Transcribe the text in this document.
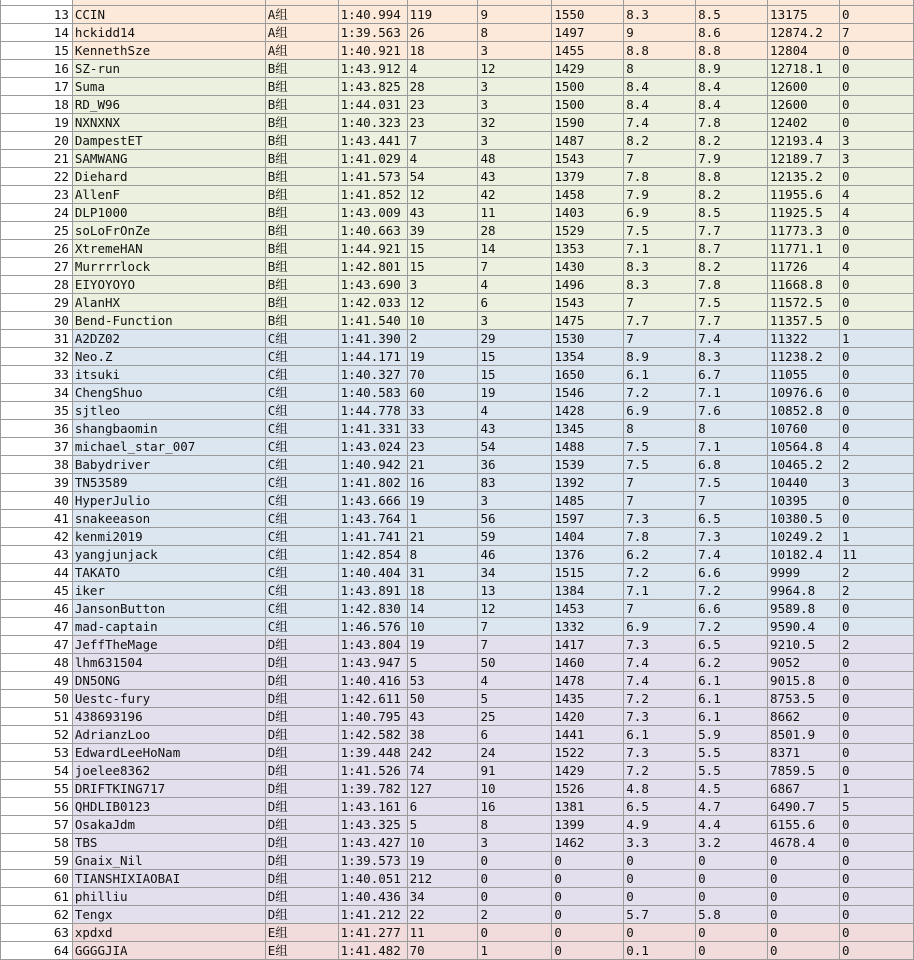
13	CCIN	A组	1:40.994	119	9	1550	8.3	8.5	13175	0
14	hckidd14	A组	1:39.563	26	8	1497	9	8.6	12874.2	7
15	KennethSze	A组	1:40.921	18	3	1455	8.8	8.8	12804	0
16	SZ-run	B组	1:43.912	4	12	1429	8	8.9	12718.1	0
17	Suma	B组	1:43.825	28	3	1500	8.4	8.4	12600	0
18	RD_W96	B组	1:44.031	23	3	1500	8.4	8.4	12600	0
19	NXNXNX	B组	1:40.323	23	32	1590	7.4	7.8	12402	0
20	DampestET	B组	1:43.441	7	3	1487	8.2	8.2	12193.4	3
21	SAMWANG	B组	1:41.029	4	48	1543	7	7.9	12189.7	3
22	Diehard	B组	1:41.573	54	43	1379	7.8	8.8	12135.2	0
23	AllenF	B组	1:41.852	12	42	1458	7.9	8.2	11955.6	4
24	DLP1000	B组	1:43.009	43	11	1403	6.9	8.5	11925.5	4
25	soLoFrOnZe	B组	1:40.663	39	28	1529	7.5	7.7	11773.3	0
26	XtremeHAN	B组	1:44.921	15	14	1353	7.1	8.7	11771.1	0
27	Murrrrlock	B组	1:42.801	15	7	1430	8.3	8.2	11726	4
28	EIYOYOYO	B组	1:43.690	3	4	1496	8.3	7.8	11668.8	0
29	AlanHX	B组	1:42.033	12	6	1543	7	7.5	11572.5	0
30	Bend-Function	B组	1:41.540	10	3	1475	7.7	7.7	11357.5	0
31	A2DZ02	C组	1:41.390	2	29	1530	7	7.4	11322	1
32	Neo.Z	C组	1:44.171	19	15	1354	8.9	8.3	11238.2	0
33	itsuki	C组	1:40.327	70	15	1650	6.1	6.7	11055	0
34	ChengShuo	C组	1:40.583	60	19	1546	7.2	7.1	10976.6	0
35	sjtleo	C组	1:44.778	33	4	1428	6.9	7.6	10852.8	0
36	shangbaomin	C组	1:41.331	33	43	1345	8	8	10760	0
37	michael_star_007	C组	1:43.024	23	54	1488	7.5	7.1	10564.8	4
38	Babydriver	C组	1:40.942	21	36	1539	7.5	6.8	10465.2	2
39	TN53589	C组	1:41.802	16	83	1392	7	7.5	10440	3
40	HyperJulio	C组	1:43.666	19	3	1485	7	7	10395	0
41	snakeeason	C组	1:43.764	1	56	1597	7.3	6.5	10380.5	0
42	kenmi2019	C组	1:41.741	21	59	1404	7.8	7.3	10249.2	1
43	yangjunjack	C组	1:42.854	8	46	1376	6.2	7.4	10182.4	11
44	TAKATO	C组	1:40.404	31	34	1515	7.2	6.6	9999	2
45	iker	C组	1:43.891	18	13	1384	7.1	7.2	9964.8	2
46	JansonButton	C组	1:42.830	14	12	1453	7	6.6	9589.8	0
47	mad-captain	C组	1:46.576	10	7	1332	6.9	7.2	9590.4	0
47	JeffTheMage	D组	1:43.804	19	7	1417	7.3	6.5	9210.5	2
48	lhm631504	D组	1:43.947	5	50	1460	7.4	6.2	9052	0
49	DN5ONG	D组	1:40.416	53	4	1478	7.4	6.1	9015.8	0
50	Uestc-fury	D组	1:42.611	50	5	1435	7.2	6.1	8753.5	0
51	438693196	D组	1:40.795	43	25	1420	7.3	6.1	8662	0
52	AdrianzLoo	D组	1:42.582	38	6	1441	6.1	5.9	8501.9	0
53	EdwardLeeHoNam	D组	1:39.448	242	24	1522	7.3	5.5	8371	0
54	joelee8362	D组	1:41.526	74	91	1429	7.2	5.5	7859.5	0
55	DRIFTKING717	D组	1:39.782	127	10	1526	4.8	4.5	6867	1
56	QHDLIB0123	D组	1:43.161	6	16	1381	6.5	4.7	6490.7	5
57	OsakaJdm	D组	1:43.325	5	8	1399	4.9	4.4	6155.6	0
58	TBS	D组	1:43.427	10	3	1462	3.3	3.2	4678.4	0
59	Gnaix_Nil	D组	1:39.573	19	0	0	0	0	0	0
60	TIANSHIXIAOBAI	D组	1:40.051	212	0	0	0	0	0	0
61	philliu	D组	1:40.436	34	0	0	0	0	0	0
62	Tengx	D组	1:41.212	22	2	0	5.7	5.8	0	0
63	xpdxd	E组	1:41.277	11	0	0	0	0	0	0
64	GGGGJIA	E组	1:41.482	70	1	0	0.1	0	0	0
